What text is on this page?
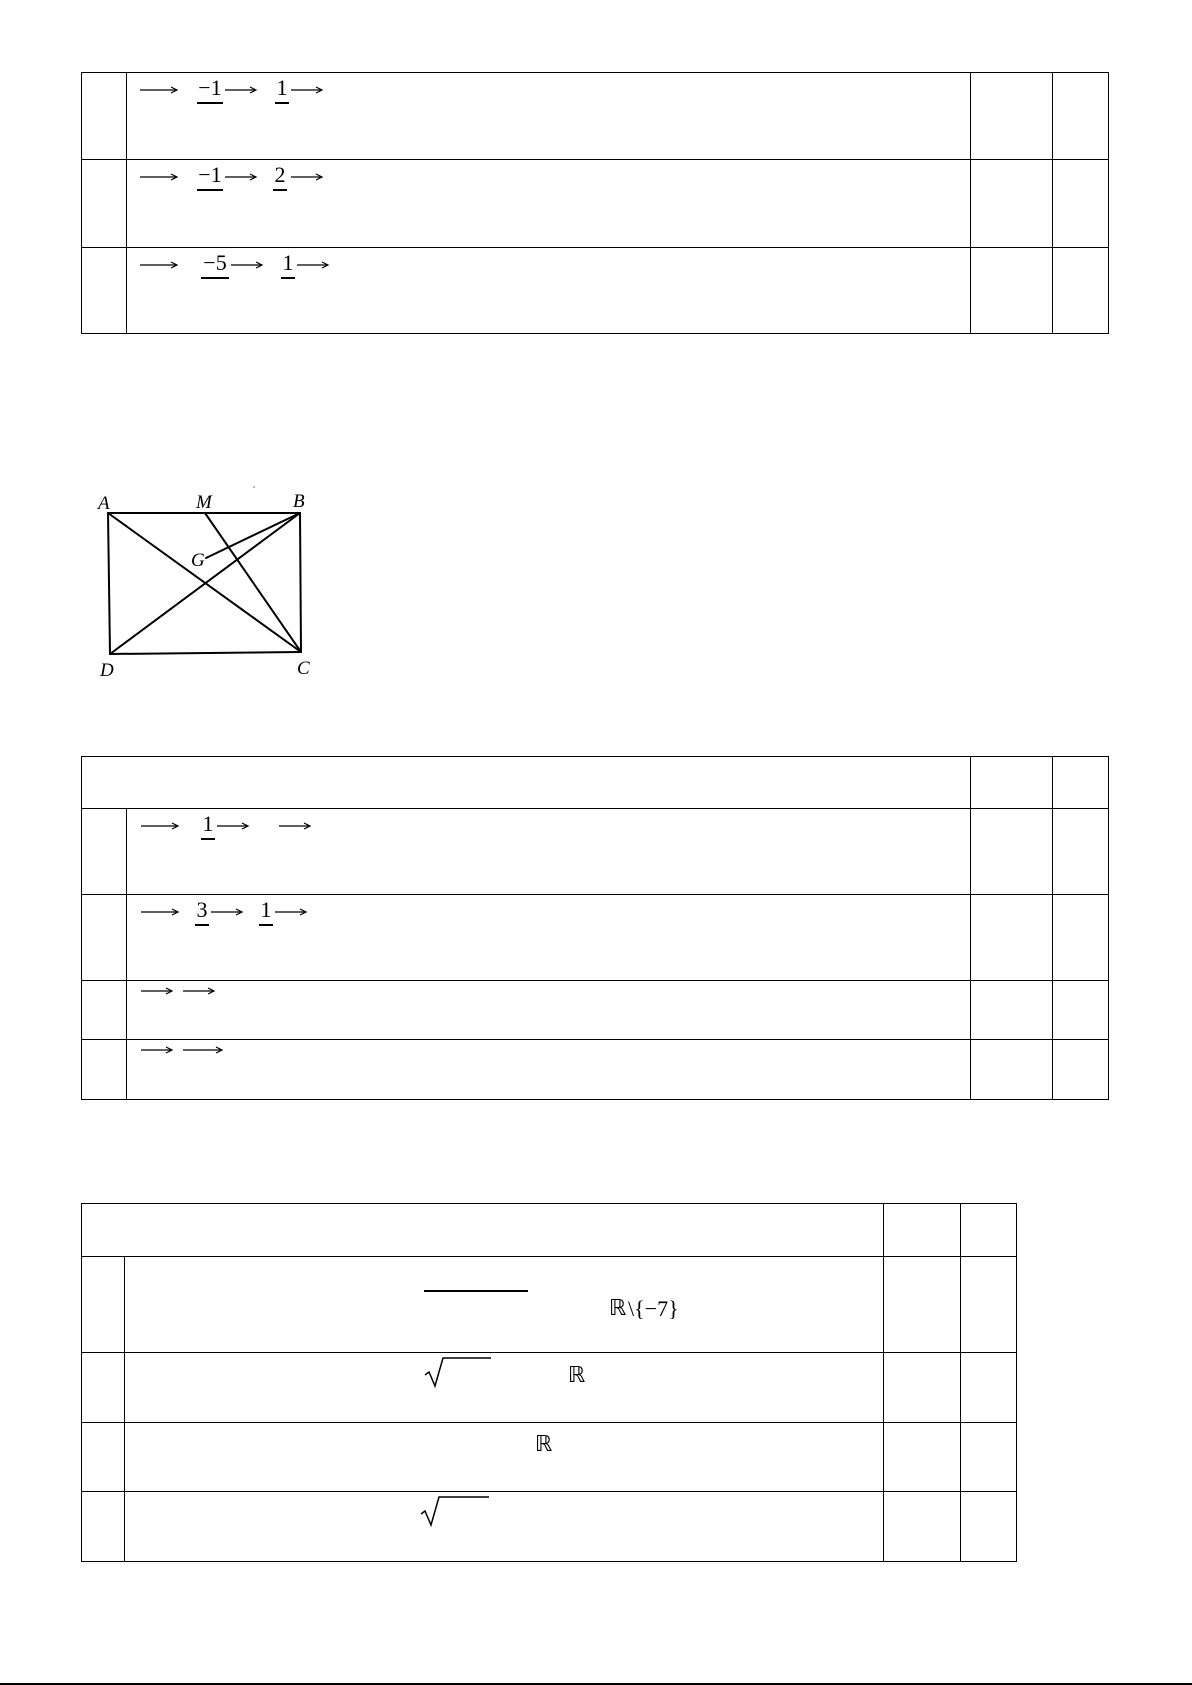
	−1 1		

	−1 2		

	−5 1		

A	M	B
G
D	C

	1		

	3 1		

	ℝ \{−7}		

	ℝ		

	ℝ		
